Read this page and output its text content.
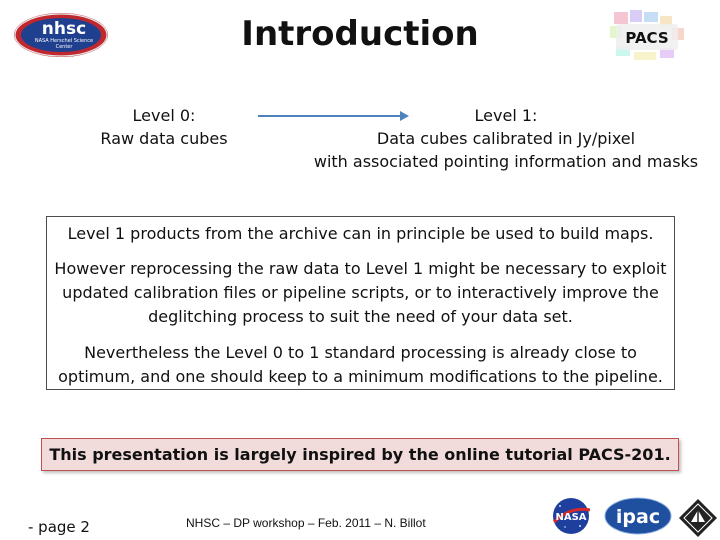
Introduction
nhsc
NASA Herschel Science
Center	PACS
Level 0:
Raw data cubes
Level 1:
Data cubes calibrated in Jy/pixel
with associated pointing information and masks

Level 1 products from the archive can in principle be used to build maps.

However reprocessing the raw data to Level 1 might be necessary to exploit

updated calibration files or pipeline scripts, or to interactively improve the

deglitching process to suit the need of your data set.

Nevertheless the Level 0 to 1 standard processing is already close to

optimum, and one should keep to a minimum modifications to the pipeline.

This presentation is largely inspired by the online tutorial PACS-201.
- page 2	NHSC – DP workshop – Feb. 2011 – N. Billot	NASA ipac
